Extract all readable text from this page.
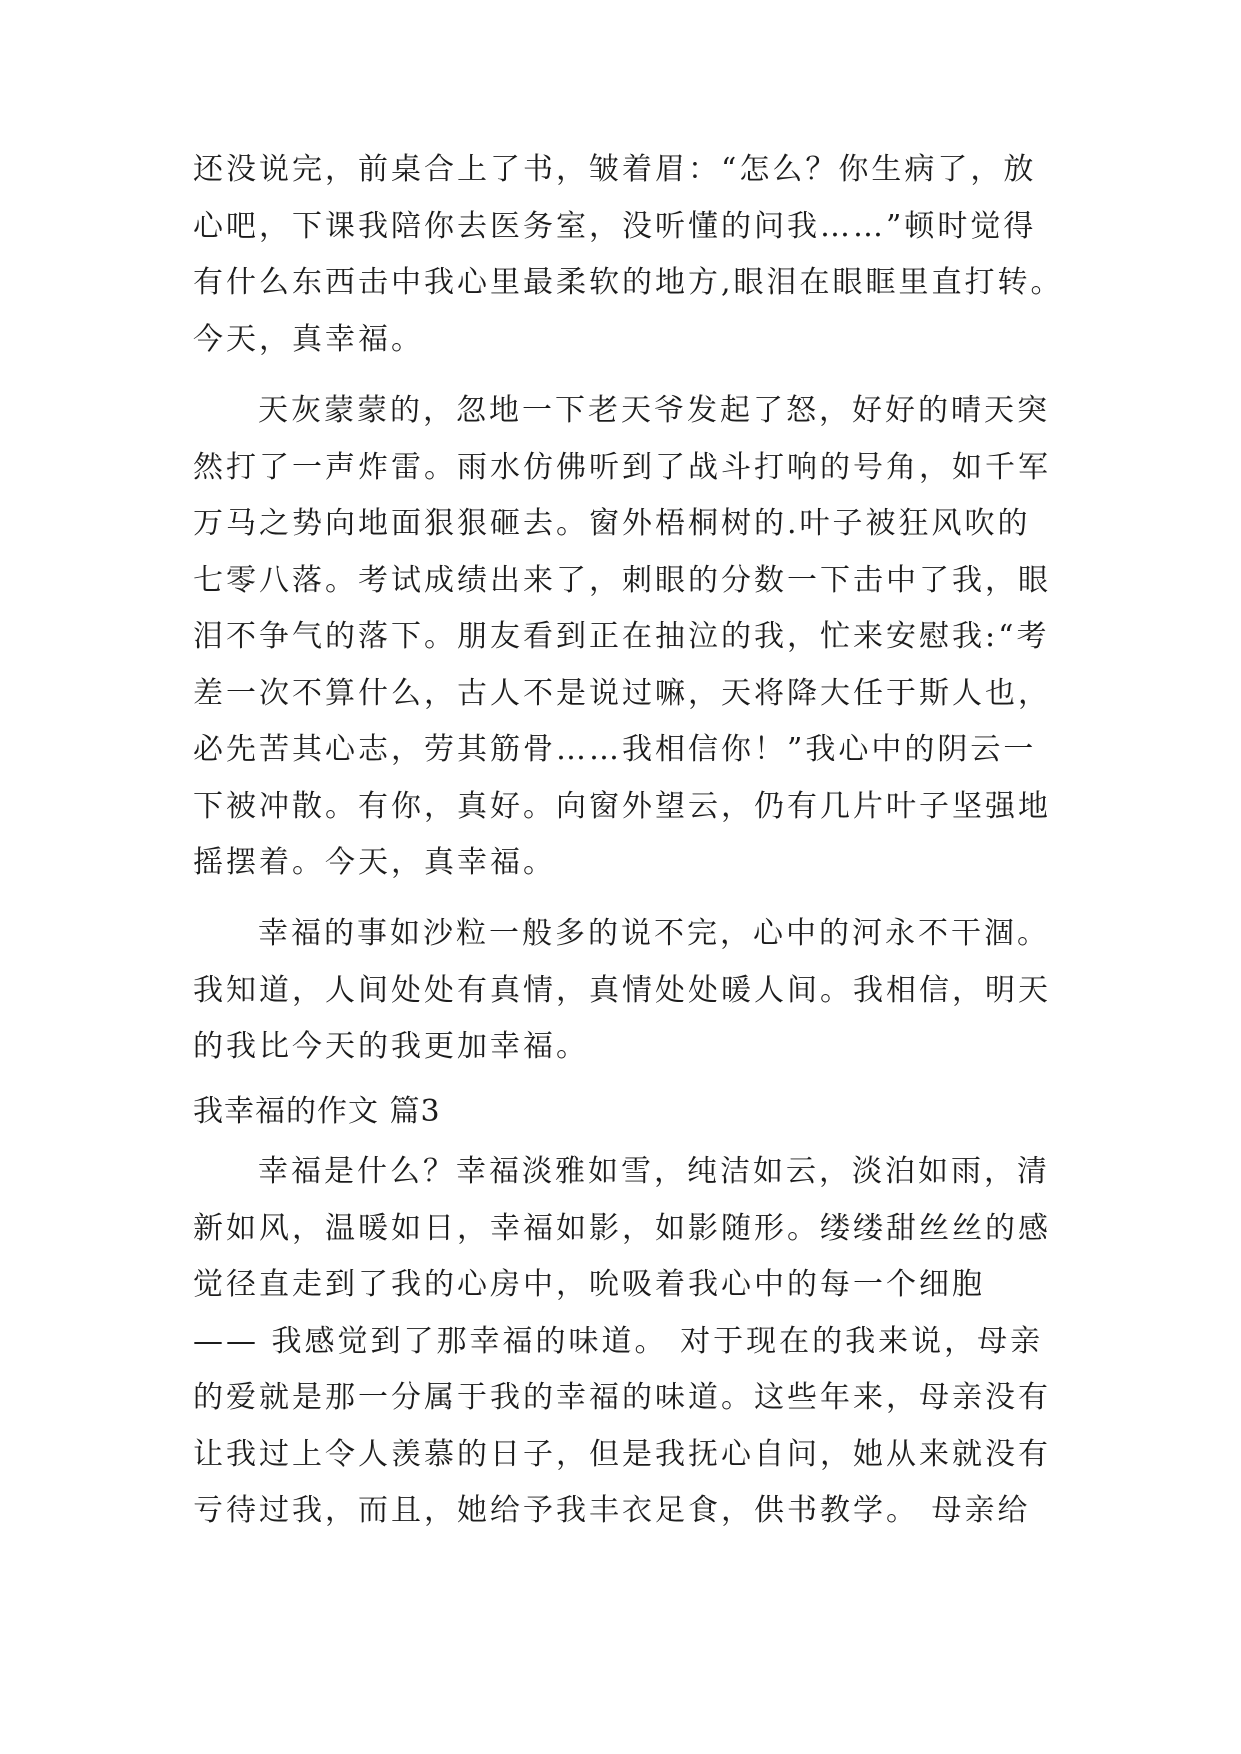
还没说完，前桌合上了书，皱着眉：“怎么？你生病了，放
心吧，下课我陪你去医务室，没听懂的问我……”顿时觉得
有什么东西击中我心里最柔软的地方,眼泪在眼眶里直打转。
今天，真幸福。
天灰蒙蒙的，忽地一下老天爷发起了怒，好好的晴天突
然打了一声炸雷。雨水仿佛听到了战斗打响的号角，如千军
万马之势向地面狠狠砸去。窗外梧桐树的.叶子被狂风吹的
七零八落。考试成绩出来了，刺眼的分数一下击中了我，眼
泪不争气的落下。朋友看到正在抽泣的我，忙来安慰我:“考
差一次不算什么，古人不是说过嘛，天将降大任于斯人也，
必先苦其心志，劳其筋骨……我相信你！”我心中的阴云一
下被冲散。有你，真好。向窗外望云，仍有几片叶子坚强地
摇摆着。今天，真幸福。
幸福的事如沙粒一般多的说不完，心中的河永不干涸。
我知道，人间处处有真情，真情处处暖人间。我相信，明天
的我比今天的我更加幸福。
我幸福的作文 篇3
幸福是什么？幸福淡雅如雪，纯洁如云，淡泊如雨，清
新如风，温暖如日，幸福如影，如影随形。缕缕甜丝丝的感
觉径直走到了我的心房中，吮吸着我心中的每一个细胞
—— 我感觉到了那幸福的味道。 对于现在的我来说，母亲
的爱就是那一分属于我的幸福的味道。这些年来，母亲没有
让我过上令人羡慕的日子，但是我抚心自问，她从来就没有
亏待过我，而且，她给予我丰衣足食，供书教学。 母亲给
